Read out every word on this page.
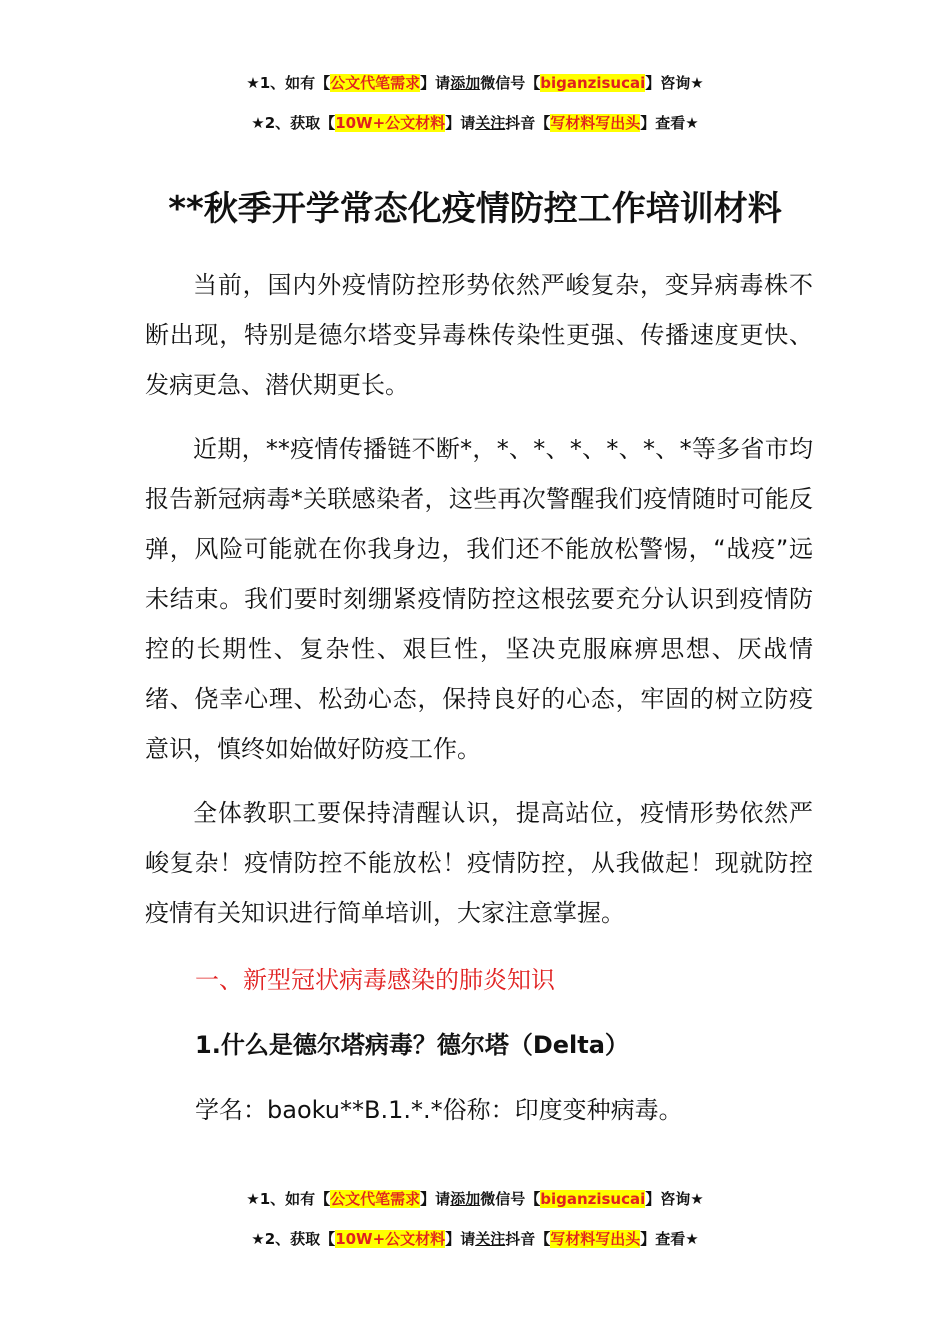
★1、如有【公文代笔需求】请添加微信号【biganzisucai】咨询★
★2、获取【10W+公文材料】请关注抖音【写材料写出头】查看★
**秋季开学常态化疫情防控工作培训材料

当前，国内外疫情防控形势依然严峻复杂，变异病毒株不断出现，特别是德尔塔变异毒株传染性更强、传播速度更快、发病更急、潜伏期更长。

近期，**疫情传播链不断*，*、*、*、*、*、*等多省市均报告新冠病毒*关联感染者，这些再次警醒我们疫情随时可能反弹，风险可能就在你我身边，我们还不能放松警惕，“战疫”远未结束。我们要时刻绷紧疫情防控这根弦要充分认识到疫情防控的长期性、复杂性、艰巨性，坚决克服麻痹思想、厌战情绪、侥幸心理、松劲心态，保持良好的心态，牢固的树立防疫意识，慎终如始做好防疫工作。

全体教职工要保持清醒认识，提高站位，疫情形势依然严峻复杂！疫情防控不能放松！疫情防控，从我做起！现就防控疫情有关知识进行简单培训，大家注意掌握。

一、新型冠状病毒感染的肺炎知识

1.什么是德尔塔病毒？德尔塔（Delta）

学名：baoku**B.1.*.*俗称：印度变种病毒。

★1、如有【公文代笔需求】请添加微信号【biganzisucai】咨询★
★2、获取【10W+公文材料】请关注抖音【写材料写出头】查看★
